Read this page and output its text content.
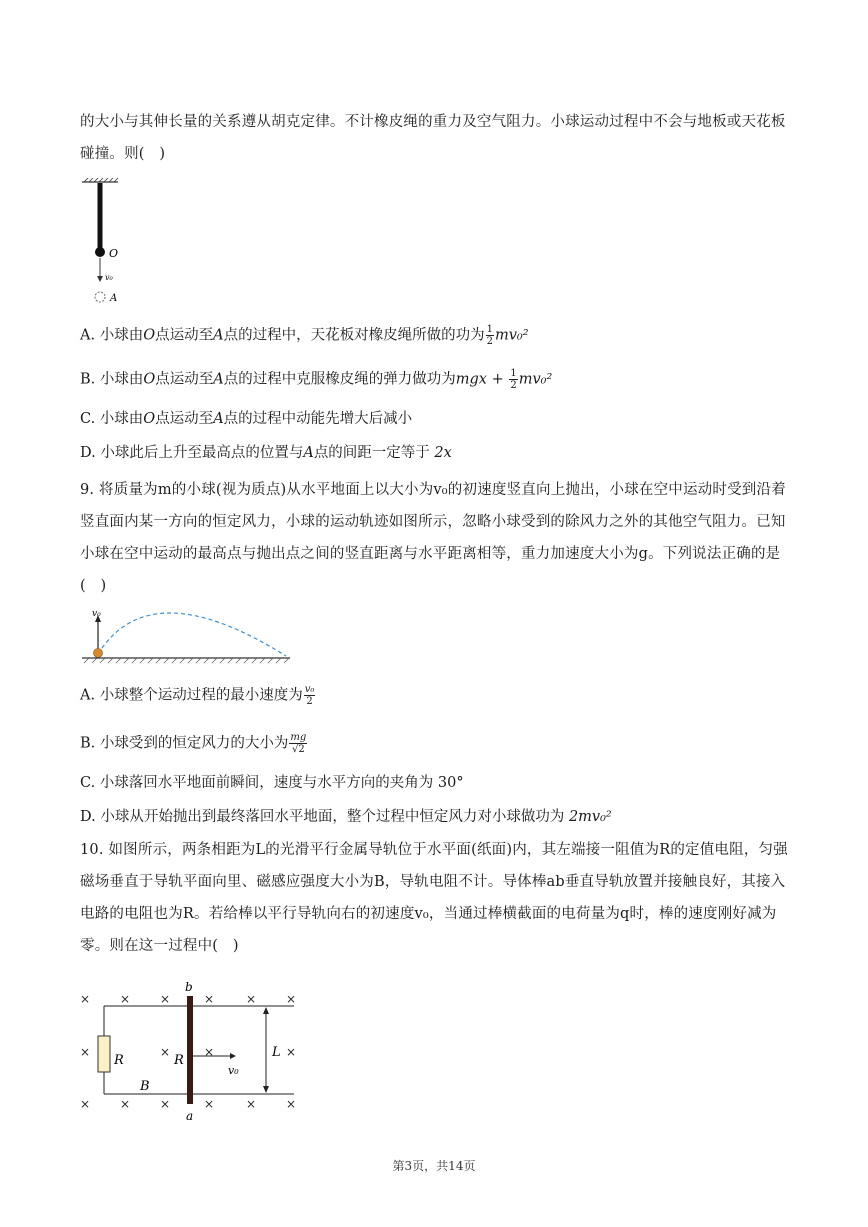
的大小与其伸长量的关系遵从胡克定律。不计橡皮绳的重力及空气阻力。小球运动过程中不会与地板或天花板碰撞。则(　)

O
v₀
A
A. 小球由O点运动至A点的过程中，天花板对橡皮绳所做的功为 $\frac{1}{2} mv_0^2$
B. 小球由O点运动至A点的过程中克服橡皮绳的弹力做功为mgx + $\frac{1}{2} mv_0^2$
C. 小球由O点运动至A点的过程中动能先增大后减小
D. 小球此后上升至最高点的位置与A点的间距一定等于 2x

9. 将质量为m的小球(视为质点)从水平地面上以大小为v₀的初速度竖直向上抛出，小球在空中运动时受到沿着竖直面内某一方向的恒定风力，小球的运动轨迹如图所示，忽略小球受到的除风力之外的其他空气阻力。已知小球在空中运动的最高点与抛出点之间的竖直距离与水平距离相等，重力加速度大小为g。下列说法正确的是(　)

v₀
A. 小球整个运动过程的最小速度为 $\frac{\text{v₀}}{2}$
B. 小球受到的恒定风力的大小为 $\frac{mg}{√2}$
C. 小球落回水平地面前瞬间，速度与水平方向的夹角为 30°
D. 小球从开始抛出到最终落回水平地面，整个过程中恒定风力对小球做功为 2mv₀²

10. 如图所示，两条相距为L的光滑平行金属导轨位于水平面(纸面)内，其左端接一阻值为R的定值电阻，匀强磁场垂直于导轨平面向里、磁感应强度大小为B，导轨电阻不计。导体棒ab垂直导轨放置并接触良好，其接入电路的电阻也为R。若给棒以平行导轨向右的初速度v₀，当通过棒横截面的电荷量为q时，棒的速度刚好减为零。则在这一过程中(　)

× × ×	×	× ×
×	×	×	×
× × ×	×	× ×
R
B
b
a
R
v₀
L
第3页，共14页
